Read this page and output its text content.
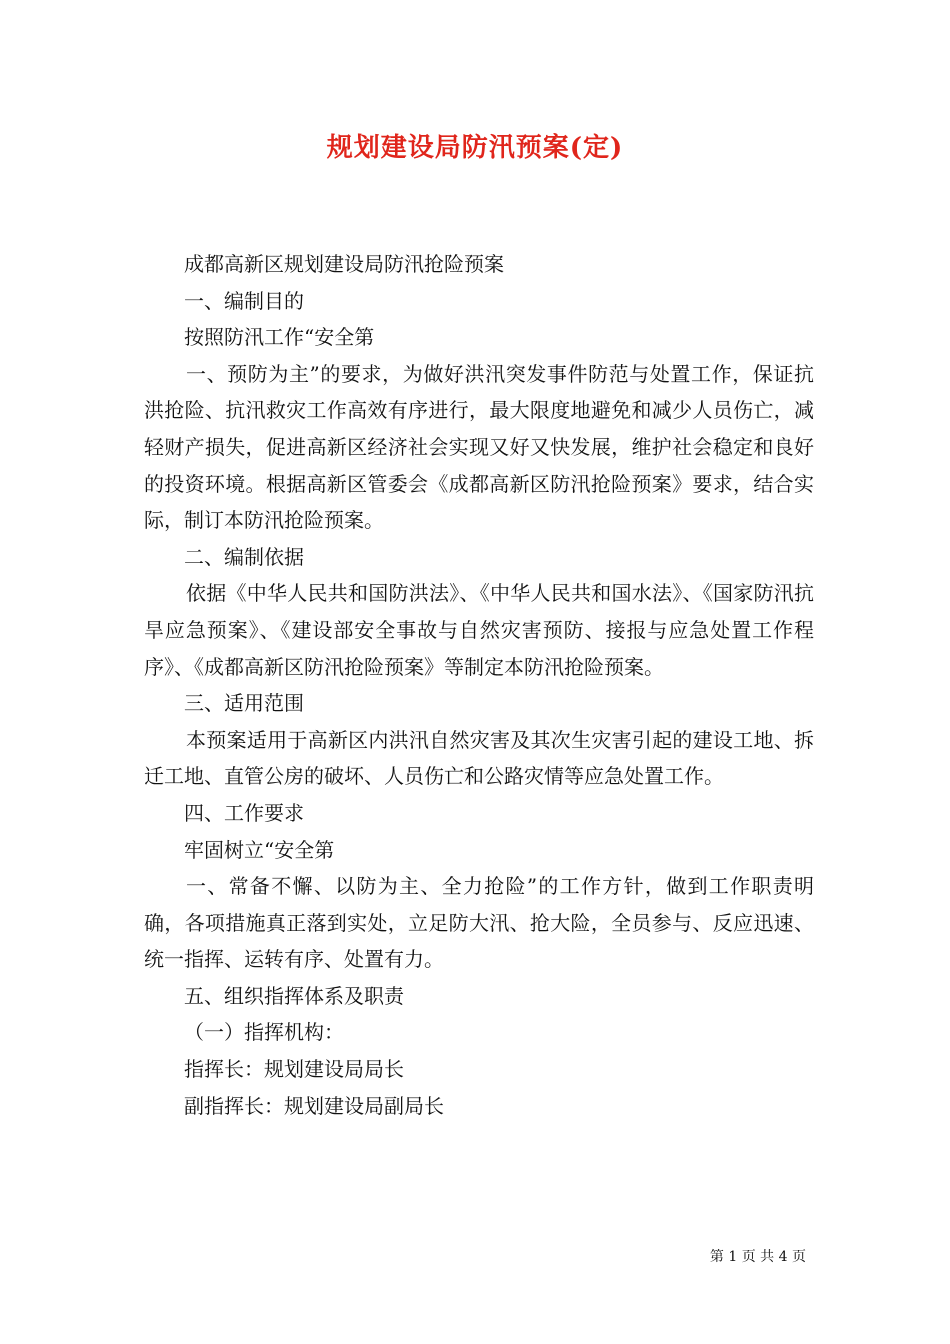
规划建设局防汛预案(定)

成都高新区规划建设局防汛抢险预案

一、编制目的

按照防汛工作“安全第

一、预防为主”的要求，为做好洪汛突发事件防范与处置工作，保证抗洪抢险、抗汛救灾工作高效有序进行，最大限度地避免和减少人员伤亡，减轻财产损失，促进高新区经济社会实现又好又快发展，维护社会稳定和良好的投资环境。根据高新区管委会《成都高新区防汛抢险预案》要求，结合实际，制订本防汛抢险预案。

二、编制依据

依据《中华人民共和国防洪法》、《中华人民共和国水法》、《国家防汛抗旱应急预案》、《建设部安全事故与自然灾害预防、接报与应急处置工作程序》、《成都高新区防汛抢险预案》等制定本防汛抢险预案。

三、适用范围

本预案适用于高新区内洪汛自然灾害及其次生灾害引起的建设工地、拆迁工地、直管公房的破坏、人员伤亡和公路灾情等应急处置工作。

四、工作要求

牢固树立“安全第

一、常备不懈、以防为主、全力抢险”的工作方针，做到工作职责明确，各项措施真正落到实处，立足防大汛、抢大险，全员参与、反应迅速、统一指挥、运转有序、处置有力。

五、组织指挥体系及职责

（一）指挥机构：

指挥长：规划建设局局长

副指挥长：规划建设局副局长

第 1 页 共 4 页
